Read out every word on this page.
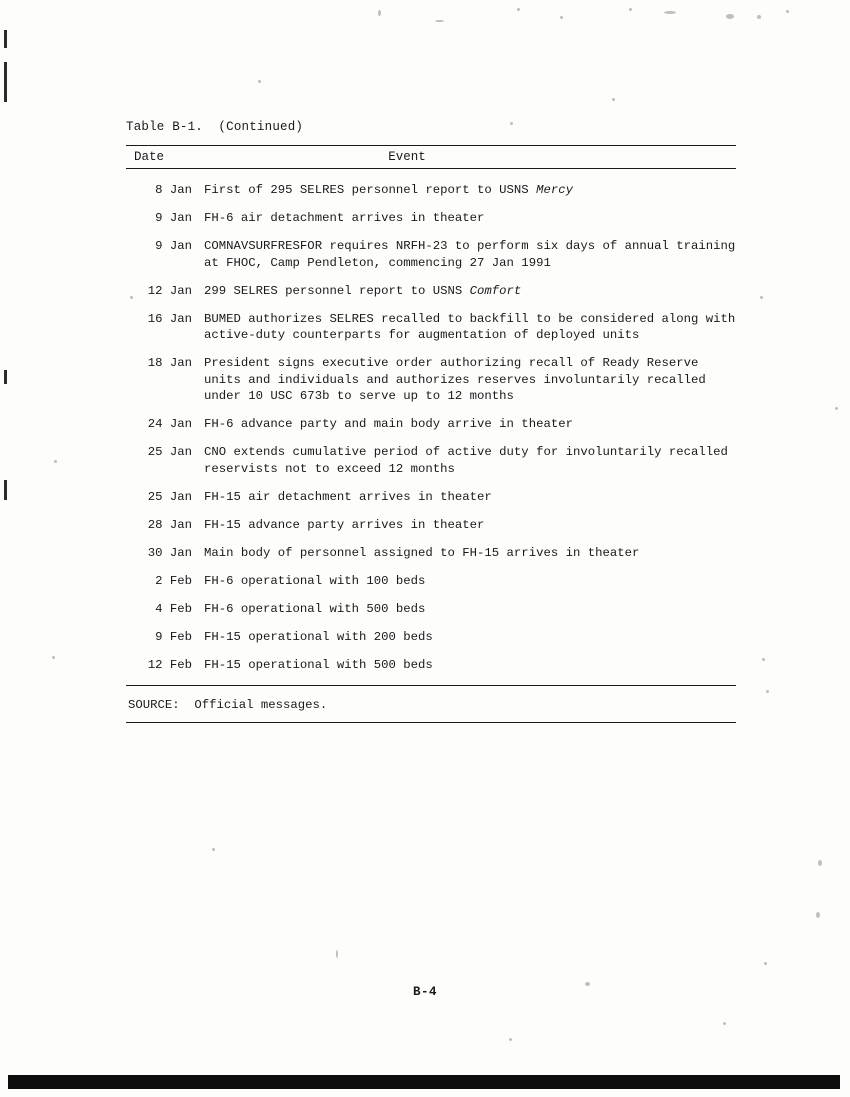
Table B-1.  (Continued)
Date	Event
8 Jan First of 295 SELRES personnel report to USNS Mercy
9 Jan FH-6 air detachment arrives in theater
9 Jan COMNAVSURFRESFOR requires NRFH-23 to perform six days of annual training at FHOC, Camp Pendleton, commencing 27 Jan 1991
12 Jan 299 SELRES personnel report to USNS Comfort
16 Jan BUMED authorizes SELRES recalled to backfill to be considered along with active-duty counterparts for augmentation of deployed units
18 Jan President signs executive order authorizing recall of Ready Reserve units and individuals and authorizes reserves involuntarily recalled under 10 USC 673b to serve up to 12 months
24 Jan FH-6 advance party and main body arrive in theater
25 Jan CNO extends cumulative period of active duty for involuntarily recalled reservists not to exceed 12 months
25 Jan FH-15 air detachment arrives in theater
28 Jan FH-15 advance party arrives in theater
30 Jan Main body of personnel assigned to FH-15 arrives in theater
2 Feb FH-6 operational with 100 beds
4 Feb FH-6 operational with 500 beds
9 Feb FH-15 operational with 200 beds
12 Feb FH-15 operational with 500 beds
SOURCE:  Official messages.
B-4
